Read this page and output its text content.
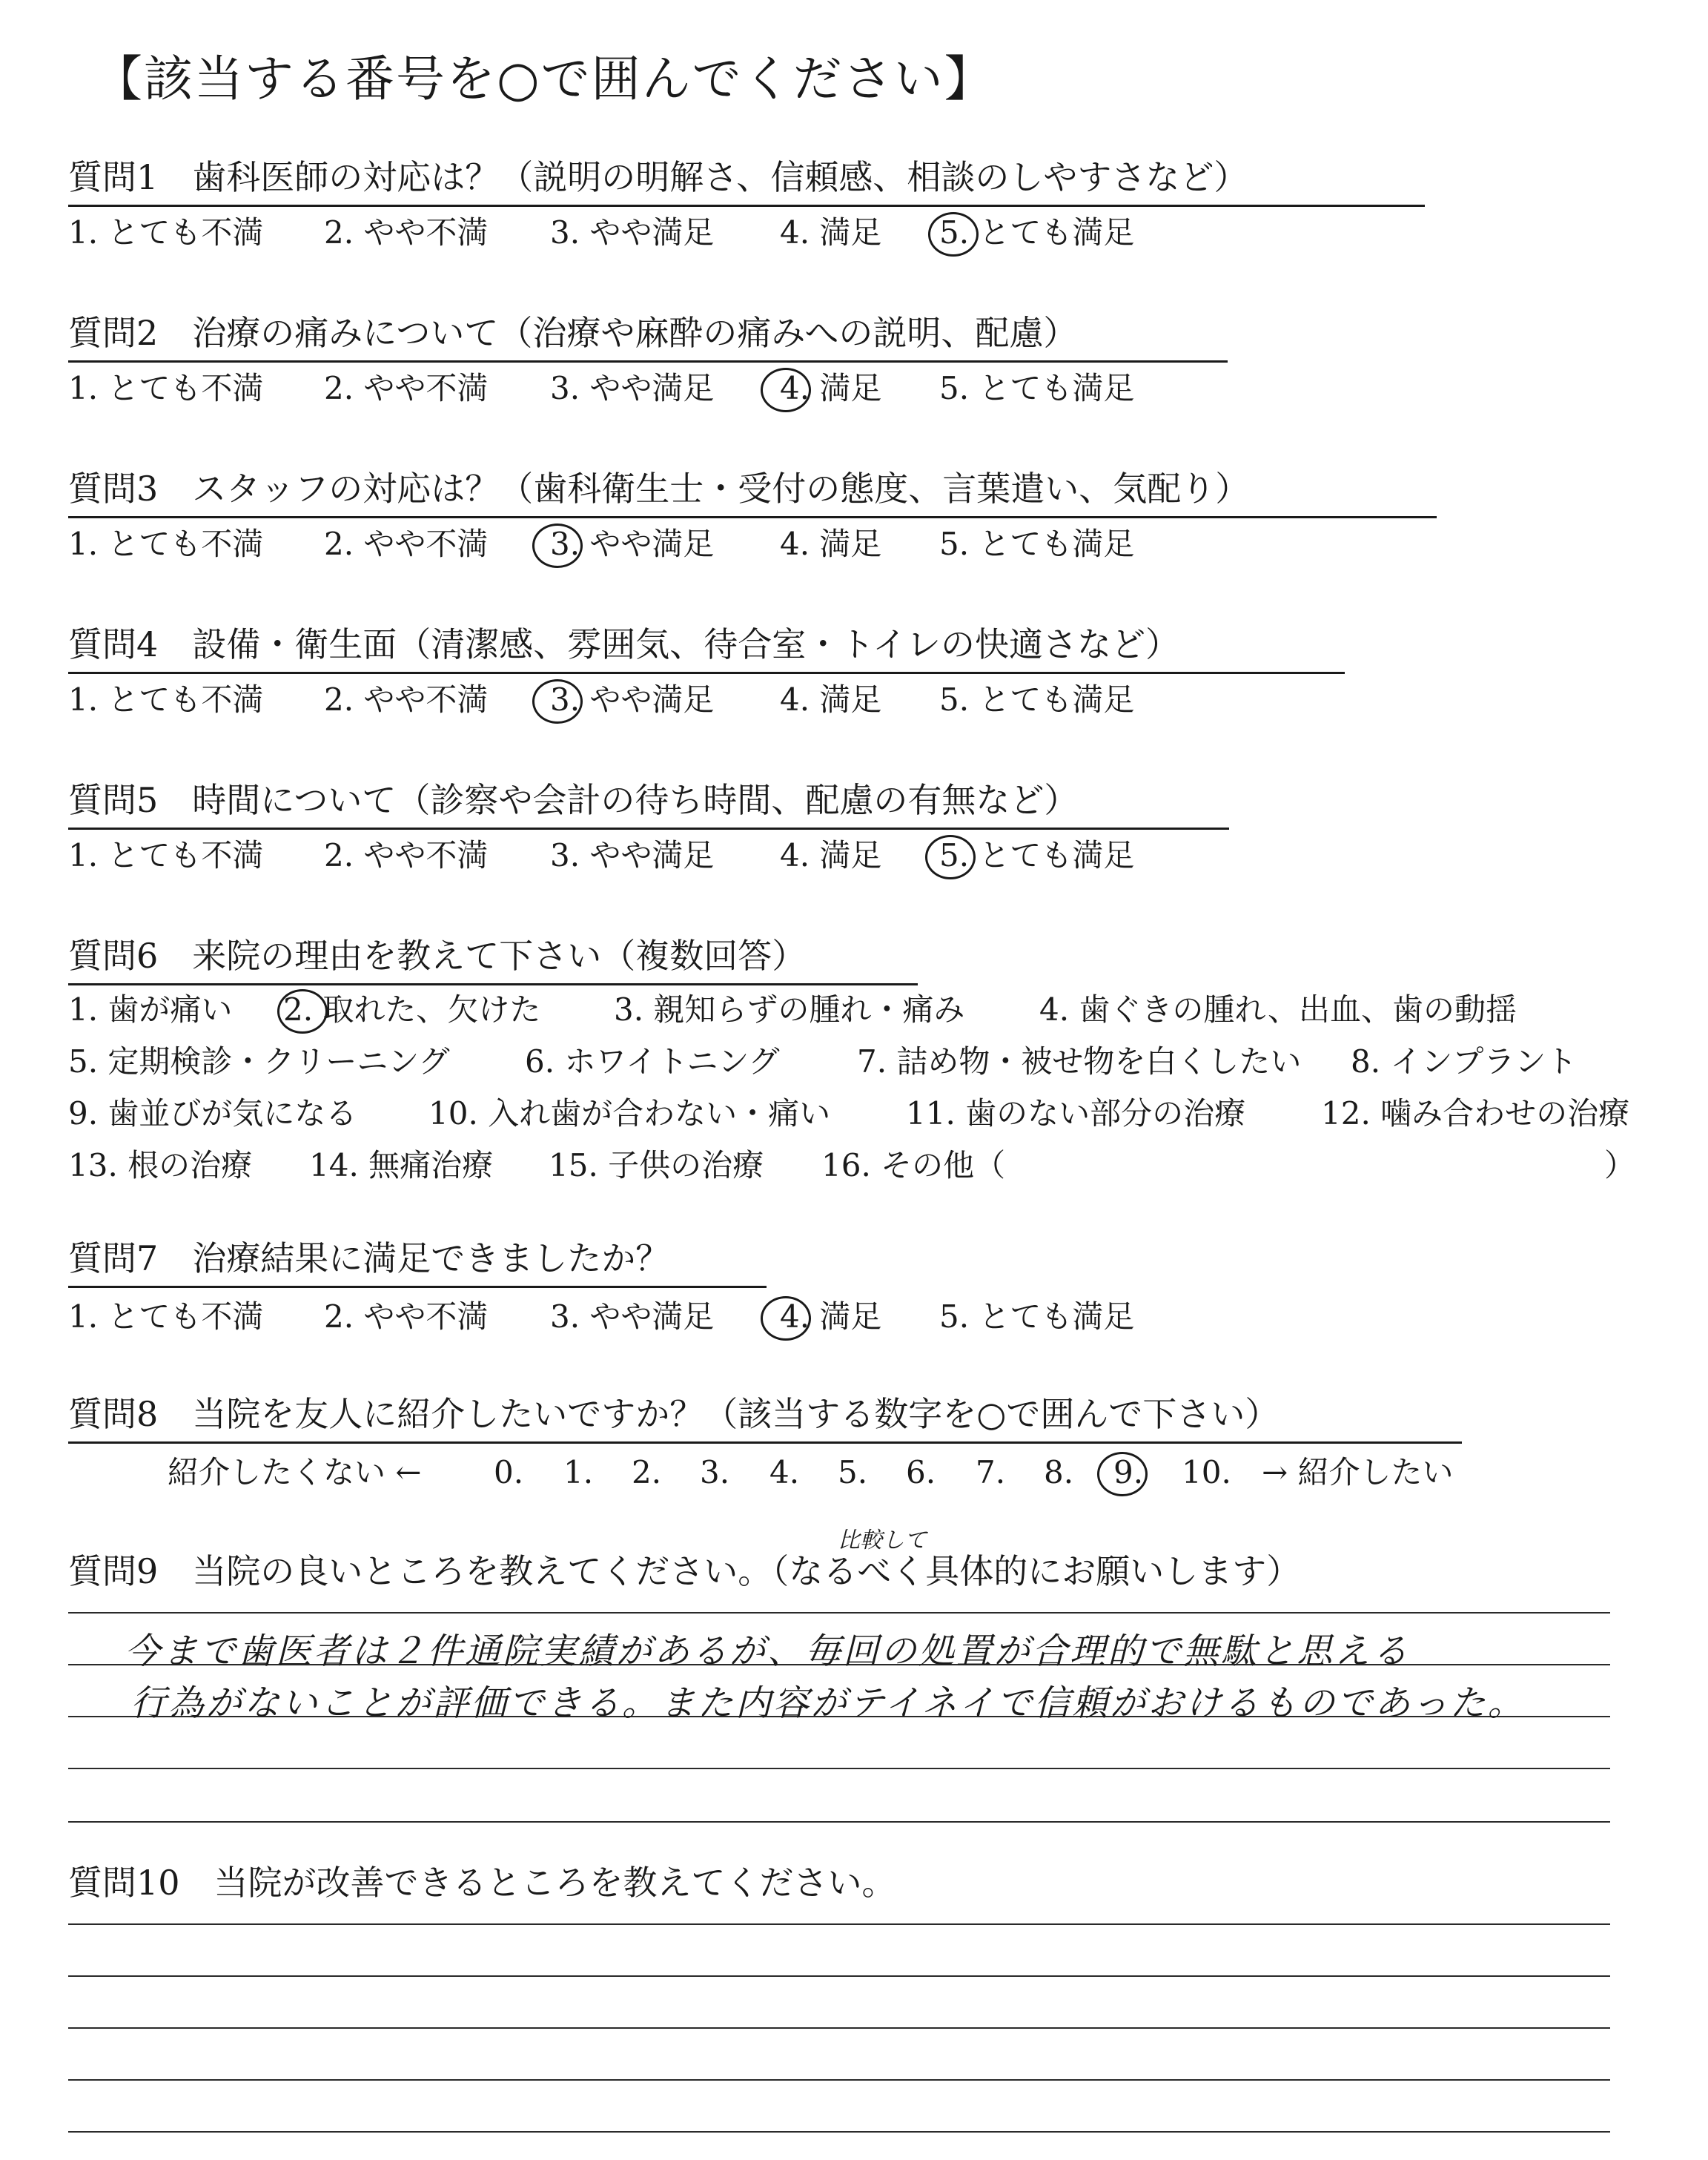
【該当する番号を○で囲んでください】
質問1　歯科医師の対応は？（説明の明解さ、信頼感、相談のしやすさなど）
1. とても不満 2. やや不満 3. やや満足 4. 満足 5. とても満足
質問2　治療の痛みについて（治療や麻酔の痛みへの説明、配慮）
1. とても不満 2. やや不満 3. やや満足 4. 満足 5. とても満足
質問3　スタッフの対応は？（歯科衛生士・受付の態度、言葉遣い、気配り）
1. とても不満 2. やや不満 3. やや満足 4. 満足 5. とても満足
質問4　設備・衛生面（清潔感、雰囲気、待合室・トイレの快適さなど）
1. とても不満 2. やや不満 3. やや満足 4. 満足 5. とても満足
質問5　時間について（診察や会計の待ち時間、配慮の有無など）
1. とても不満 2. やや不満 3. やや満足 4. 満足 5. とても満足
質問6　来院の理由を教えて下さい（複数回答）
1. 歯が痛い 2. 取れた、欠けた 3. 親知らずの腫れ・痛み 4. 歯ぐきの腫れ、出血、歯の動揺
5. 定期検診・クリーニング 6. ホワイトニング 7. 詰め物・被せ物を白くしたい 8. インプラント
9. 歯並びが気になる 10. 入れ歯が合わない・痛い 11. 歯のない部分の治療 12. 噛み合わせの治療
13. 根の治療 14. 無痛治療 15. 子供の治療 16. その他（	）
質問7　治療結果に満足できましたか？
1. とても不満 2. やや不満 3. やや満足 4. 満足 5. とても満足
質問8　当院を友人に紹介したいですか？（該当する数字を○で囲んで下さい）
紹介したくない ← 0. 1. 2. 3. 4. 5. 6. 7. 8. 9. 10. → 紹介したい
質問9　当院の良いところを教えてください。（なるべく具体的にお願いします）
比較して
今まで歯医者は２件通院実績があるが、毎回の処置が合理的で無駄と思える
行為がないことが評価できる。また内容がテイネイで信頼がおけるものであった。
質問10　当院が改善できるところを教えてください。
